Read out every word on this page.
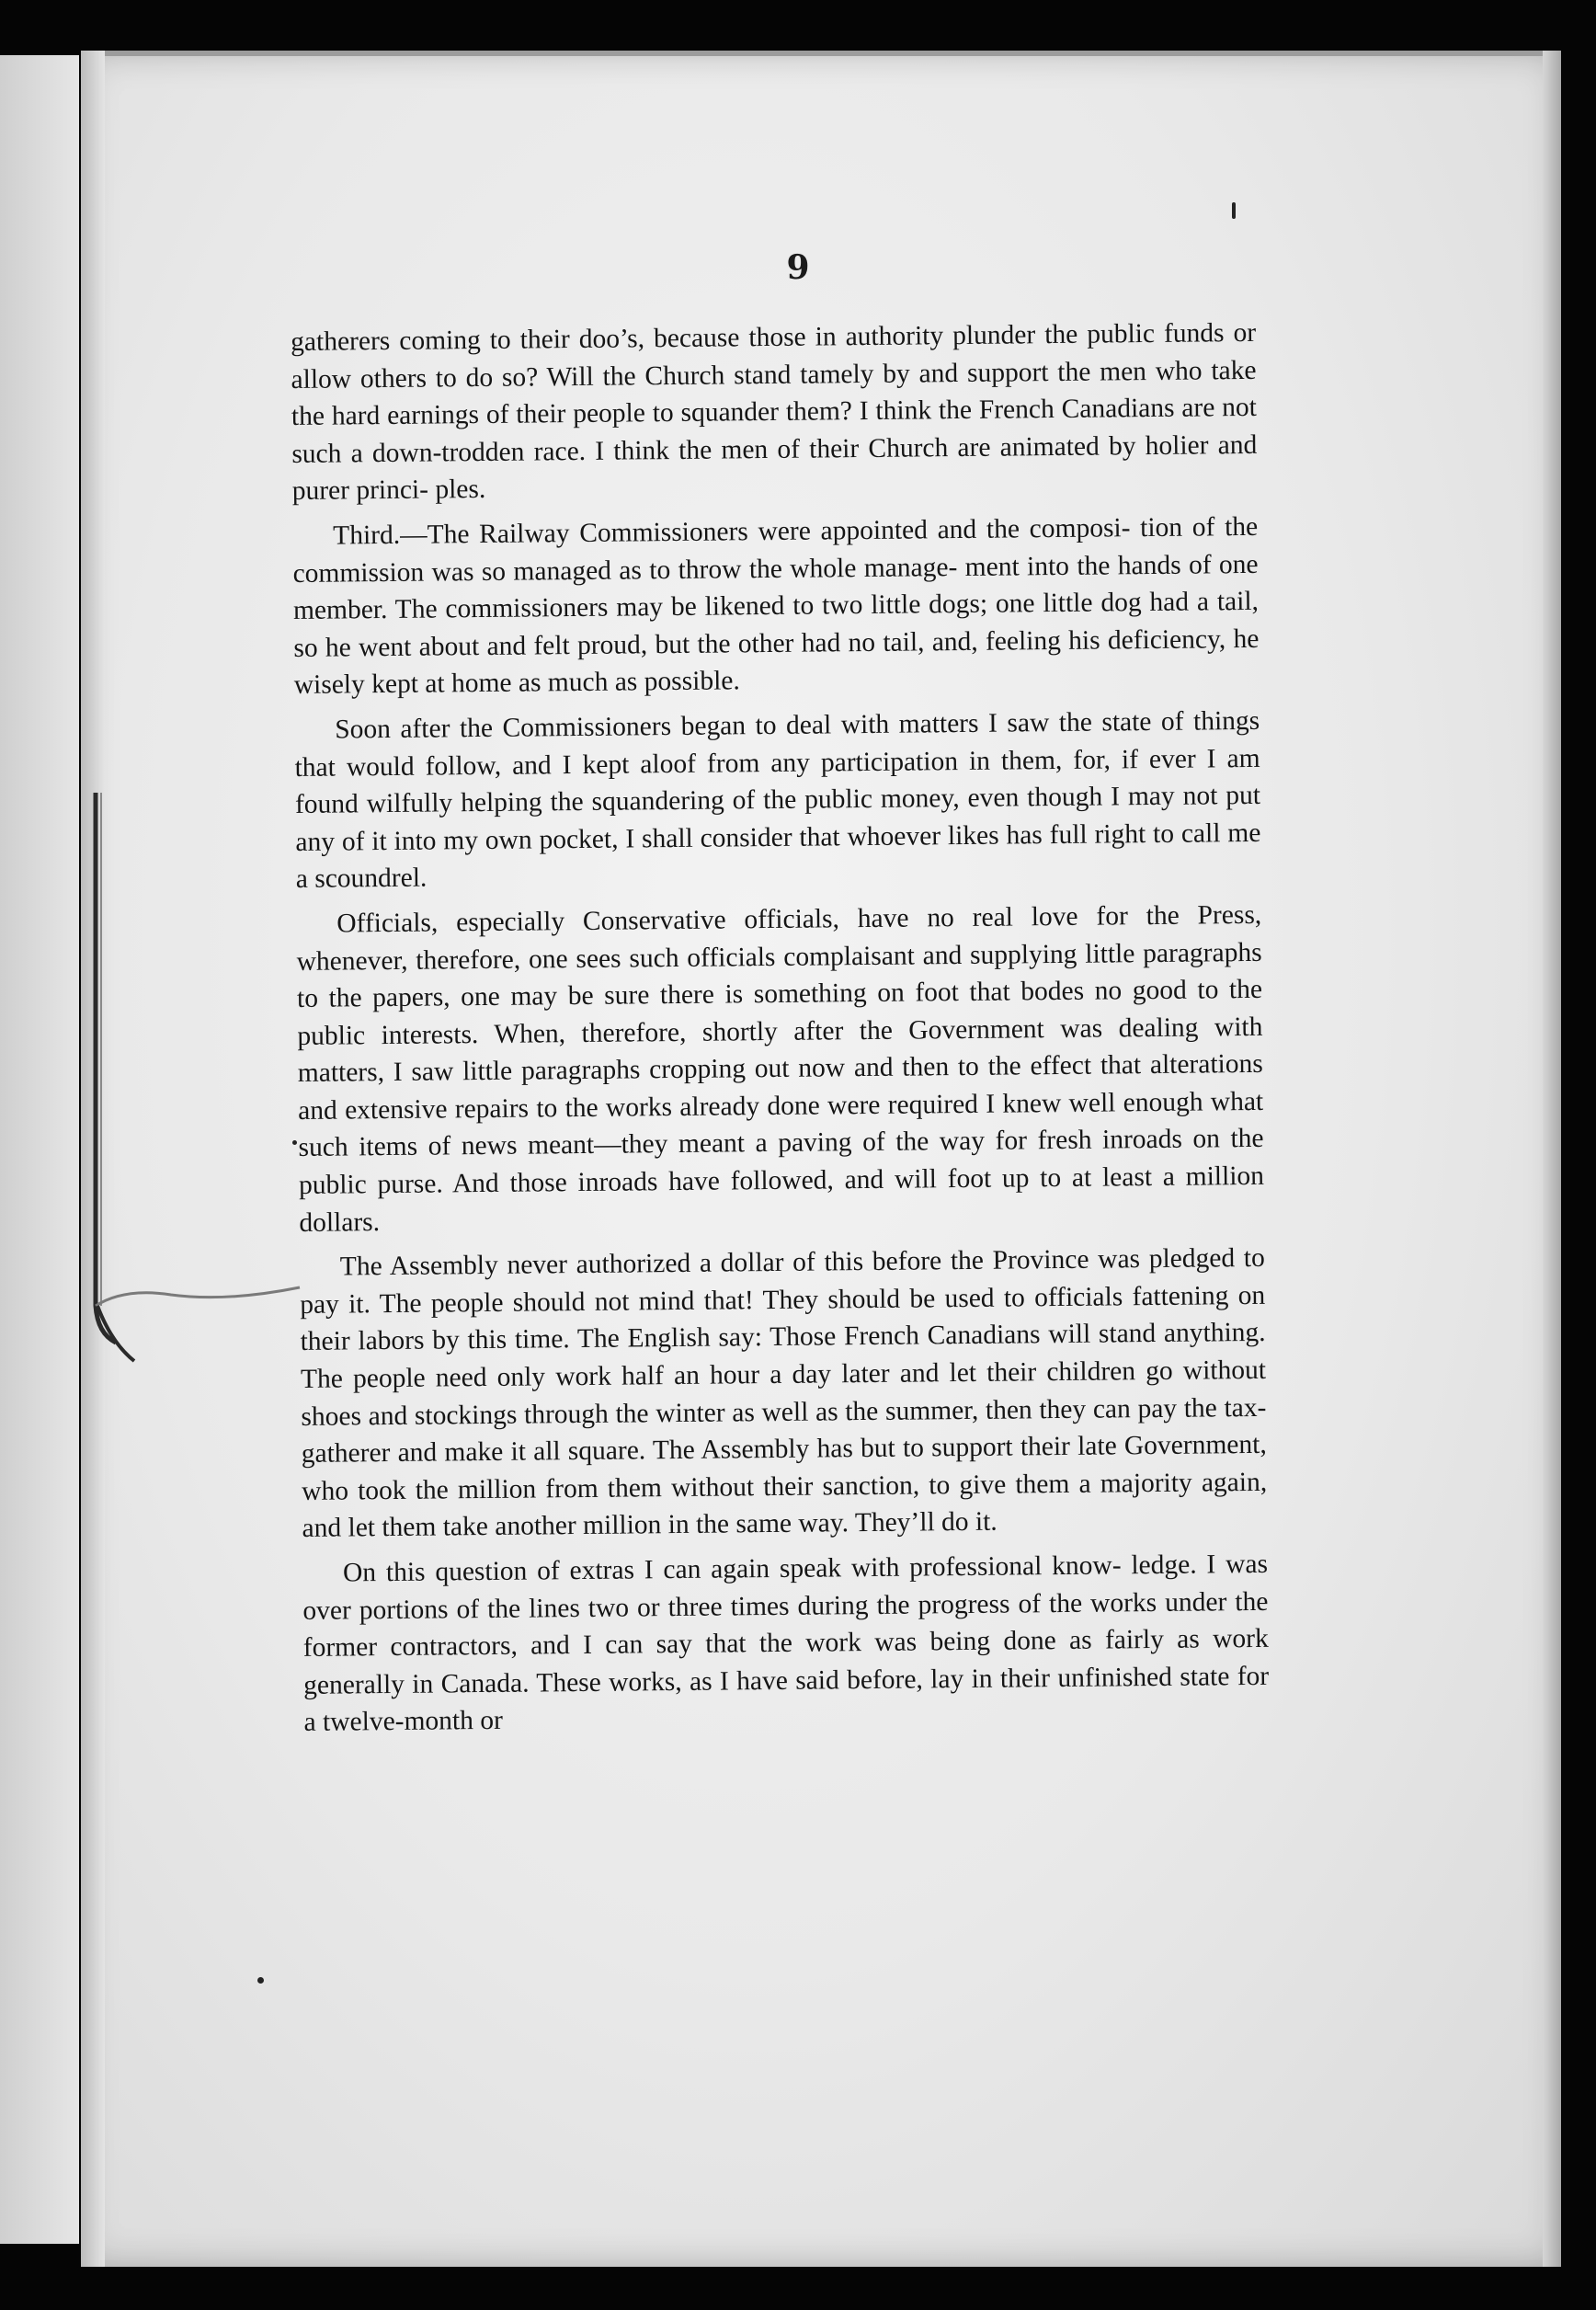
9

gatherers coming to their doo’s, because those in authority plunder the public funds or allow others to do so? Will the Church stand tamely by and support the men who take the hard earnings of their people to squander them? I think the French Canadians are not such a down-trodden race. I think the men of their Church are animated by holier and purer princi- ples.

Third.—The Railway Commissioners were appointed and the composi- tion of the commission was so managed as to throw the whole manage- ment into the hands of one member. The commissioners may be likened to two little dogs; one little dog had a tail, so he went about and felt proud, but the other had no tail, and, feeling his deficiency, he wisely kept at home as much as possible.

Soon after the Commissioners began to deal with matters I saw the state of things that would follow, and I kept aloof from any participation in them, for, if ever I am found wilfully helping the squandering of the public money, even though I may not put any of it into my own pocket, I shall consider that whoever likes has full right to call me a scoundrel.

Officials, especially Conservative officials, have no real love for the Press, whenever, therefore, one sees such officials complaisant and supplying little paragraphs to the papers, one may be sure there is something on foot that bodes no good to the public interests. When, therefore, shortly after the Government was dealing with matters, I saw little paragraphs cropping out now and then to the effect that alterations and extensive repairs to the works already done were required I knew well enough what such items of news meant—they meant a paving of the way for fresh inroads on the public purse. And those inroads have followed, and will foot up to at least a million dollars.

The Assembly never authorized a dollar of this before the Province was pledged to pay it. The people should not mind that! They should be used to officials fattening on their labors by this time. The English say: Those French Canadians will stand anything. The people need only work half an hour a day later and let their children go without shoes and stockings through the winter as well as the summer, then they can pay the tax- gatherer and make it all square. The Assembly has but to support their late Government, who took the million from them without their sanction, to give them a majority again, and let them take another million in the same way. They’ll do it.

On this question of extras I can again speak with professional know- ledge. I was over portions of the lines two or three times during the progress of the works under the former contractors, and I can say that the work was being done as fairly as work generally in Canada. These works, as I have said before, lay in their unfinished state for a twelve-month or
